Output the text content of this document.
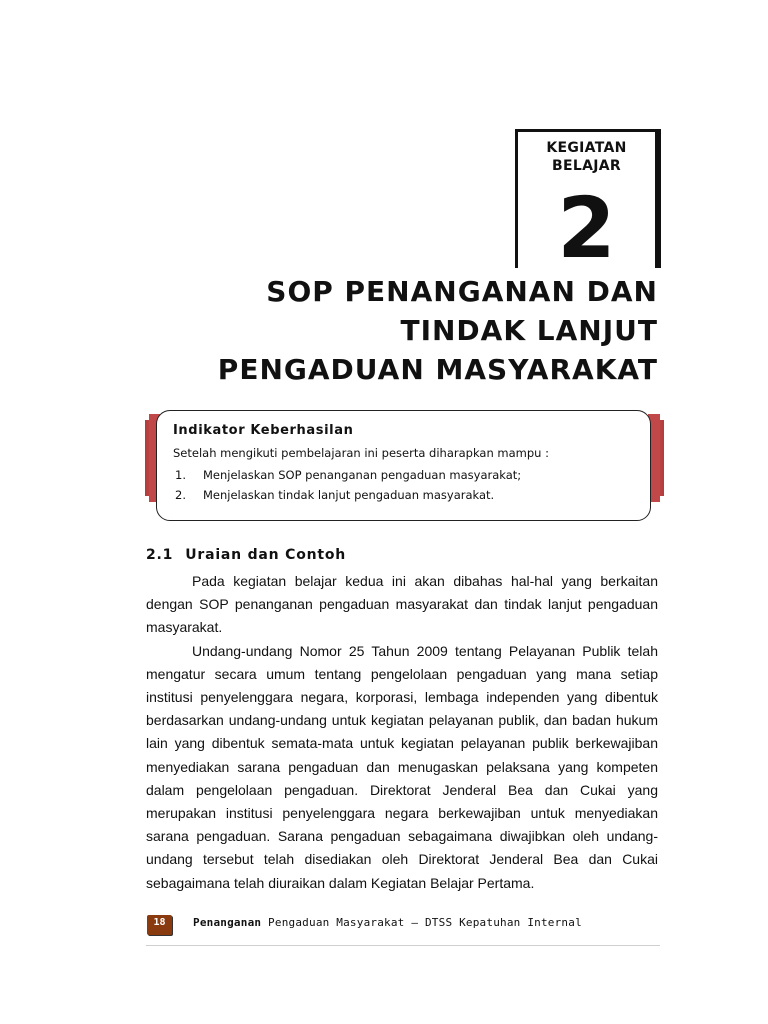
KEGIATAN
BELAJAR
2
SOP PENANGANAN DAN
TINDAK LANJUT
PENGADUAN MASYARAKAT
Indikator Keberhasilan
Setelah mengikuti pembelajaran ini peserta diharapkan mampu :
1.	Menjelaskan SOP penanganan pengaduan masyarakat;
2.	Menjelaskan tindak lanjut pengaduan masyarakat.
2.1 Uraian dan Contoh

Pada kegiatan belajar kedua ini akan dibahas hal-hal yang berkaitan dengan SOP penanganan pengaduan masyarakat dan tindak lanjut pengaduan masyarakat.

Undang-undang Nomor 25 Tahun 2009 tentang Pelayanan Publik telah mengatur secara umum tentang pengelolaan pengaduan yang mana setiap institusi penyelenggara negara, korporasi, lembaga independen yang dibentuk berdasarkan undang-undang untuk kegiatan pelayanan publik, dan badan hukum lain yang dibentuk semata-mata untuk kegiatan pelayanan publik berkewajiban menyediakan sarana pengaduan dan menugaskan pelaksana yang kompeten dalam pengelolaan pengaduan. Direktorat Jenderal Bea dan Cukai yang merupakan institusi penyelenggara negara berkewajiban untuk menyediakan sarana pengaduan. Sarana pengaduan sebagaimana diwajibkan oleh undang-undang tersebut telah disediakan oleh Direktorat Jenderal Bea dan Cukai sebagaimana telah diuraikan dalam Kegiatan Belajar Pertama.

18	Penanganan Pengaduan Masyarakat – DTSS Kepatuhan Internal
